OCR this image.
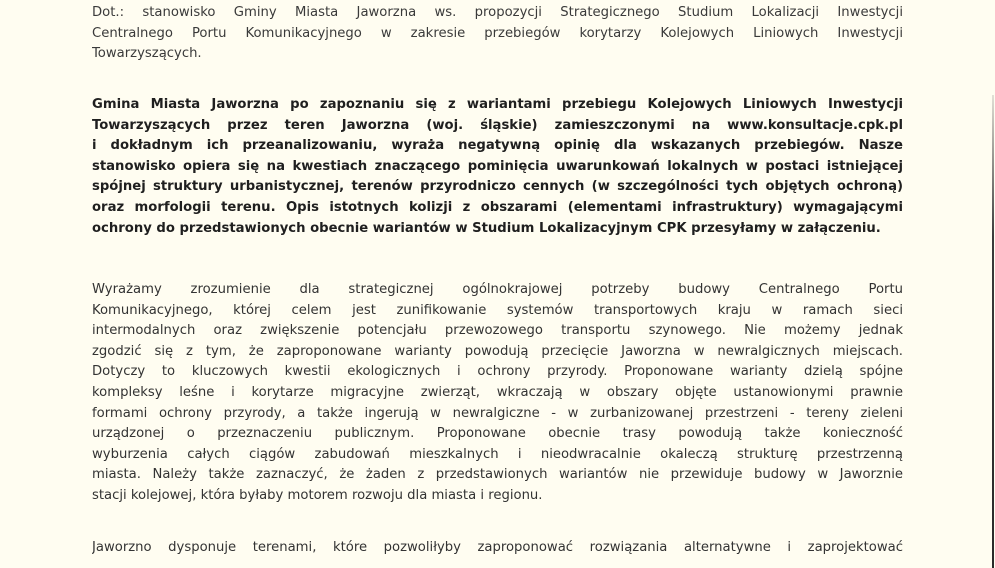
Dot.: stanowisko Gminy Miasta Jaworzna ws. propozycji Strategicznego Studium Lokalizacji Inwestycji
Centralnego Portu Komunikacyjnego w zakresie przebiegów korytarzy Kolejowych Liniowych Inwestycji
Towarzyszących.
Gmina Miasta Jaworzna po zapoznaniu się z wariantami przebiegu Kolejowych Liniowych Inwestycji
Towarzyszących przez teren Jaworzna (woj. śląskie) zamieszczonymi na www.konsultacje.cpk.pl
i dokładnym ich przeanalizowaniu, wyraża negatywną opinię dla wskazanych przebiegów. Nasze
stanowisko opiera się na kwestiach znaczącego pominięcia uwarunkowań lokalnych w postaci istniejącej
spójnej struktury urbanistycznej, terenów przyrodniczo cennych (w szczególności tych objętych ochroną)
oraz morfologii terenu. Opis istotnych kolizji z obszarami (elementami infrastruktury) wymagającymi
ochrony do przedstawionych obecnie wariantów w Studium Lokalizacyjnym CPK przesyłamy w załączeniu.
Wyrażamy zrozumienie dla strategicznej ogólnokrajowej potrzeby budowy Centralnego Portu
Komunikacyjnego, której celem jest zunifikowanie systemów transportowych kraju w ramach sieci
intermodalnych oraz zwiększenie potencjału przewozowego transportu szynowego. Nie możemy jednak
zgodzić się z tym, że zaproponowane warianty powodują przecięcie Jaworzna w newralgicznych miejscach.
Dotyczy to kluczowych kwestii ekologicznych i ochrony przyrody. Proponowane warianty dzielą spójne
kompleksy leśne i korytarze migracyjne zwierząt, wkraczają w obszary objęte ustanowionymi prawnie
formami ochrony przyrody, a także ingerują w newralgiczne - w zurbanizowanej przestrzeni - tereny zieleni
urządzonej o przeznaczeniu publicznym. Proponowane obecnie trasy powodują także konieczność
wyburzenia całych ciągów zabudowań mieszkalnych i nieodwracalnie okaleczą strukturę przestrzenną
miasta. Należy także zaznaczyć, że żaden z przedstawionych wariantów nie przewiduje budowy w Jaworznie
stacji kolejowej, która byłaby motorem rozwoju dla miasta i regionu.
Jaworzno dysponuje terenami, które pozwoliłyby zaproponować rozwiązania alternatywne i zaprojektować
